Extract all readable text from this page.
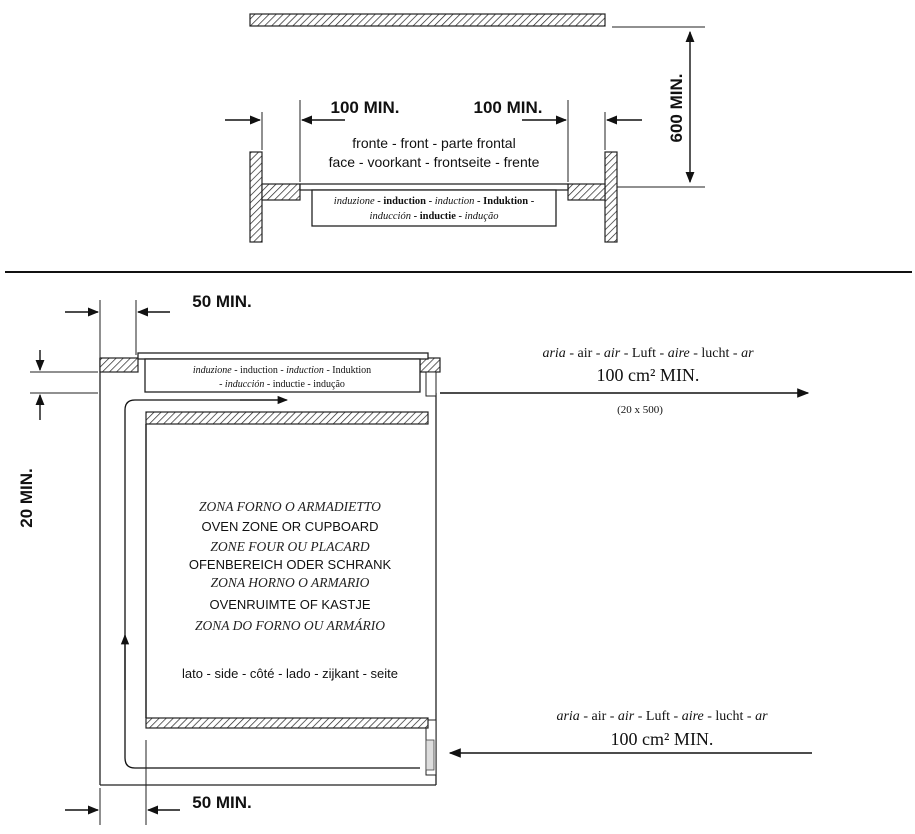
600 MIN.
induzione - induction - induction - Induktion -
inducción - inductie - indução
100 MIN.	100 MIN.
fronte - front - parte frontal
face - voorkant - frontseite - frente
50 MIN.
20 MIN.
induzione - induction - induction - Induktion
- inducción - inductie - indução
aria - air - air - Luft - aire - lucht - ar
100 cm² MIN.
(20 x 500)
aria - air - air - Luft - aire - lucht - ar
100 cm² MIN.
ZONA FORNO O ARMADIETTO
OVEN ZONE OR CUPBOARD
ZONE FOUR OU PLACARD
OFENBEREICH ODER SCHRANK
ZONA HORNO O ARMARIO
OVENRUIMTE OF KASTJE
ZONA DO FORNO OU ARMÁRIO
lato - side - côté - lado - zijkant - seite
50 MIN.
